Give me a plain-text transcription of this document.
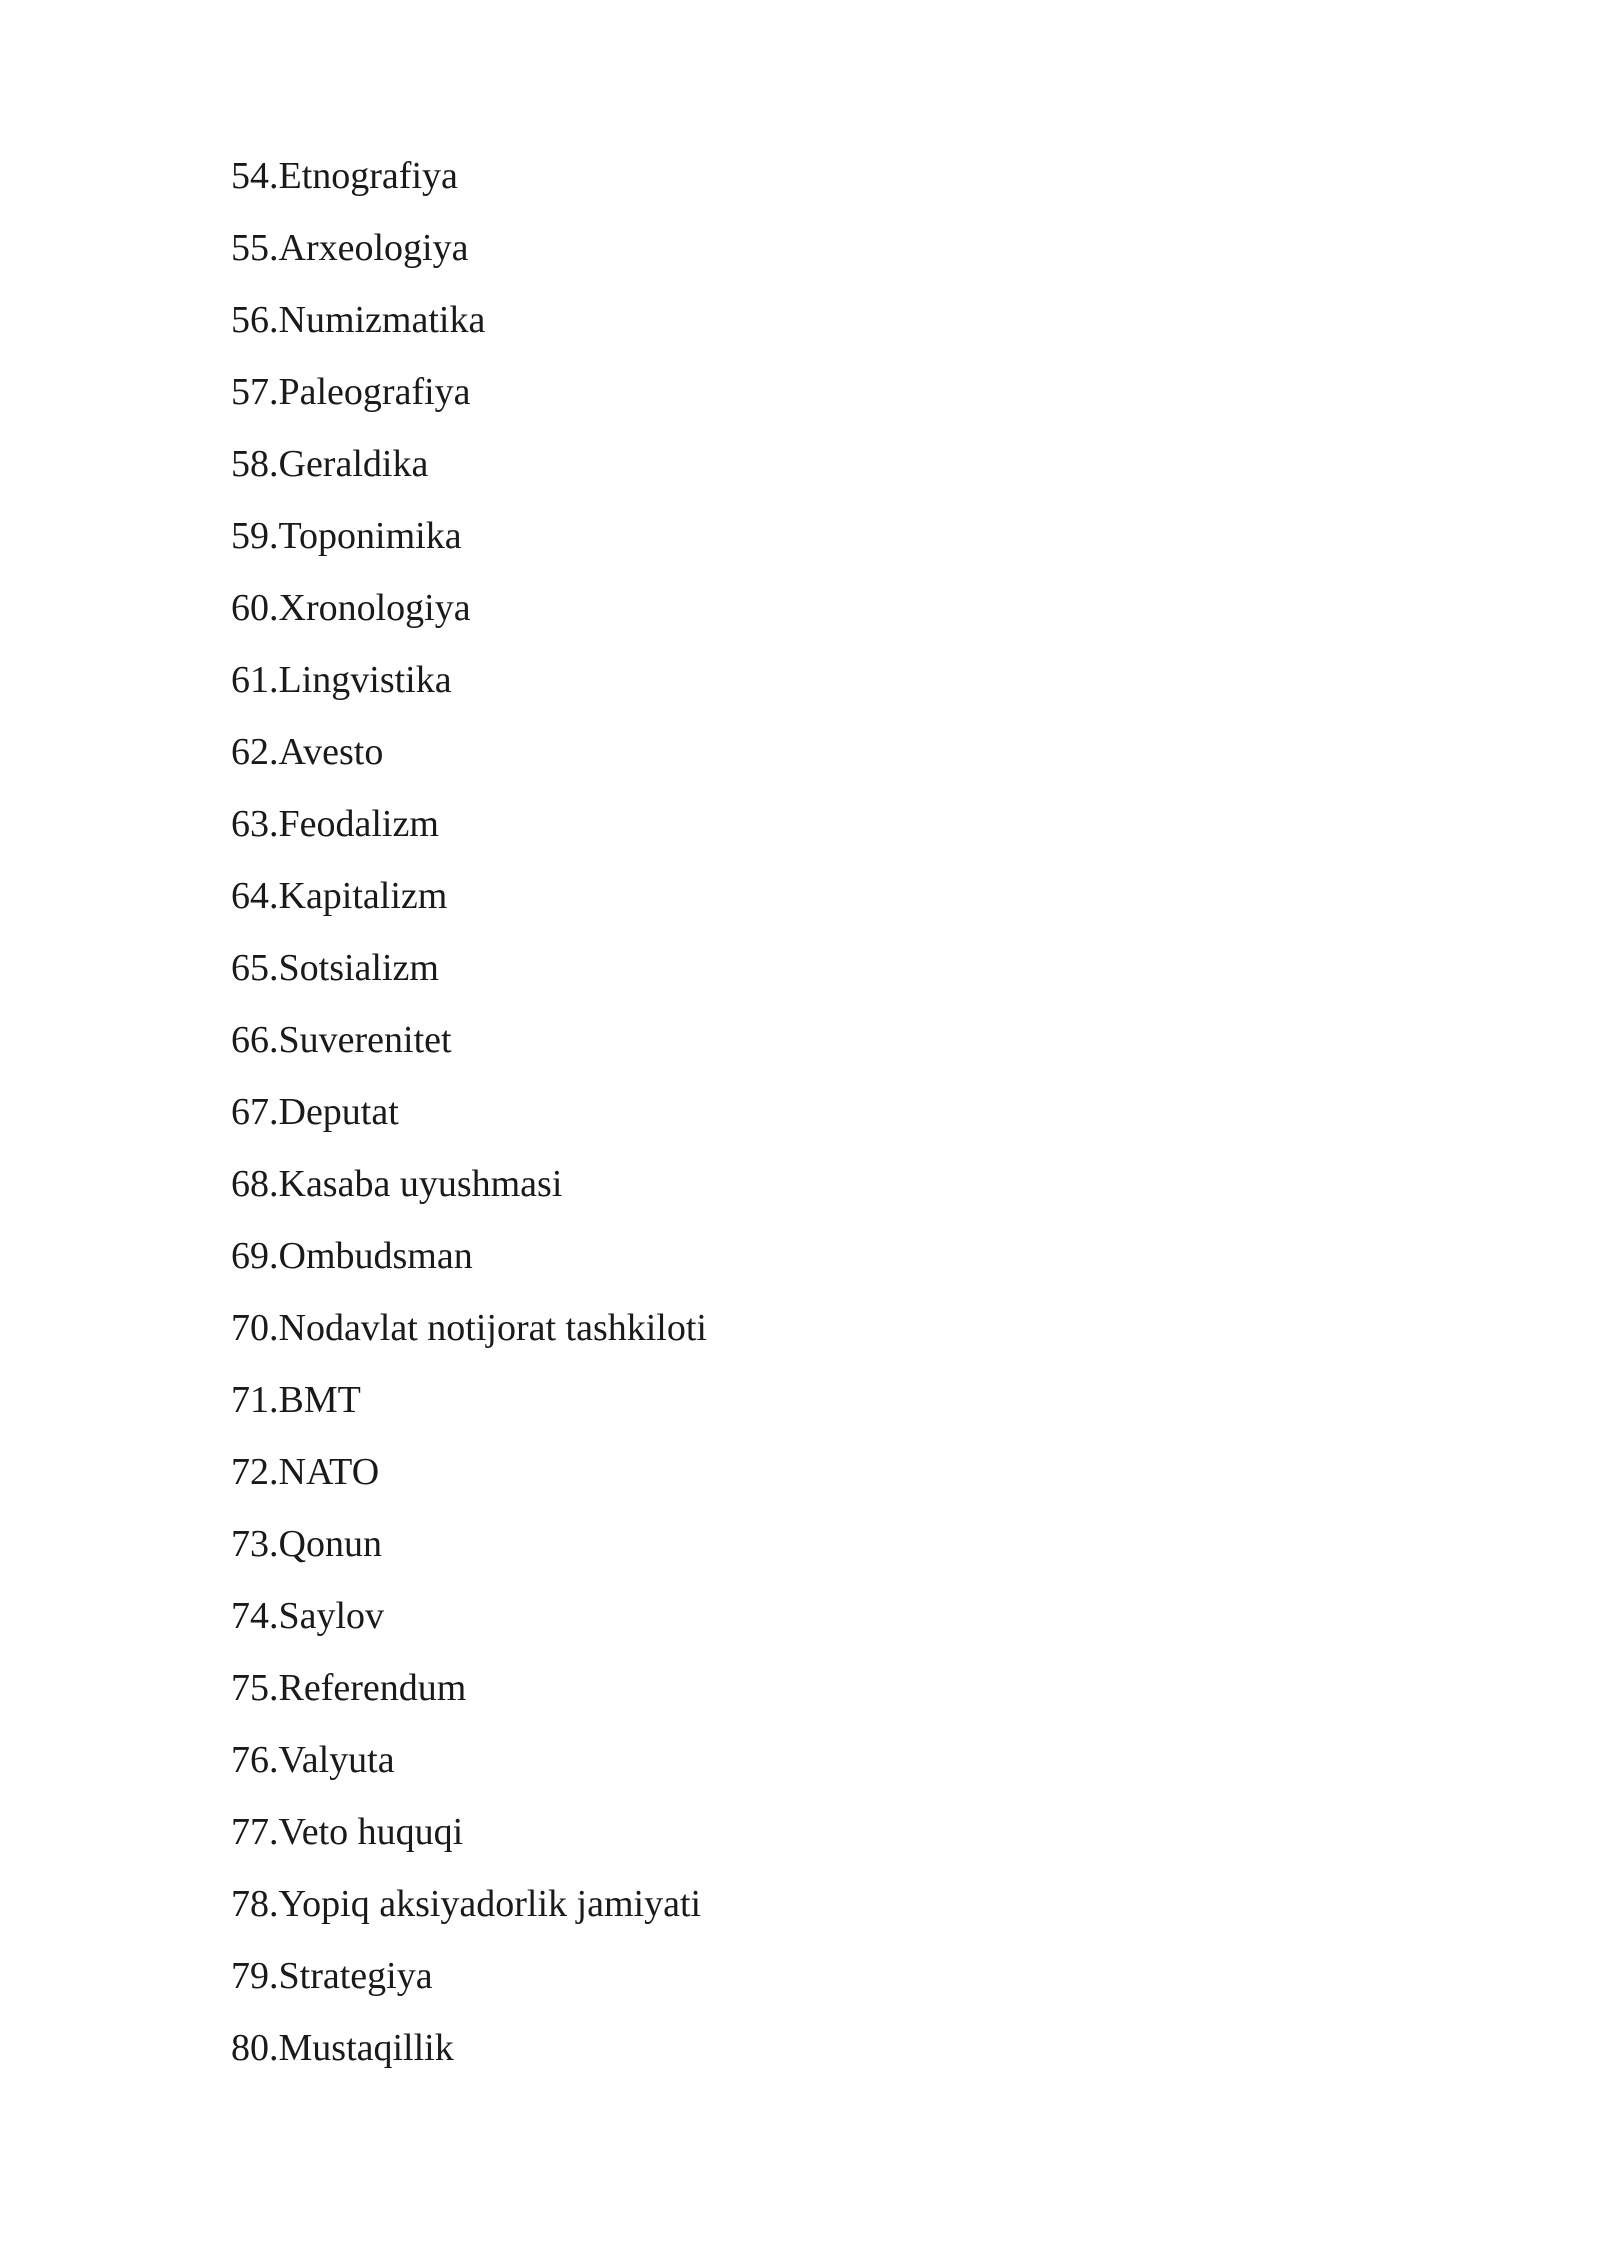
54.Etnografiya
55.Arxeologiya
56.Numizmatika
57.Paleografiya
58.Geraldika
59.Toponimika
60.Xronologiya
61.Lingvistika
62.Avesto
63.Feodalizm
64.Kapitalizm
65.Sotsializm
66.Suverenitet
67.Deputat
68.Kasaba uyushmasi
69.Ombudsman
70.Nodavlat notijorat tashkiloti
71.BMT
72.NATO
73.Qonun
74.Saylov
75.Referendum
76.Valyuta
77.Veto huquqi
78.Yopiq aksiyadorlik jamiyati
79.Strategiya
80.Mustaqillik
